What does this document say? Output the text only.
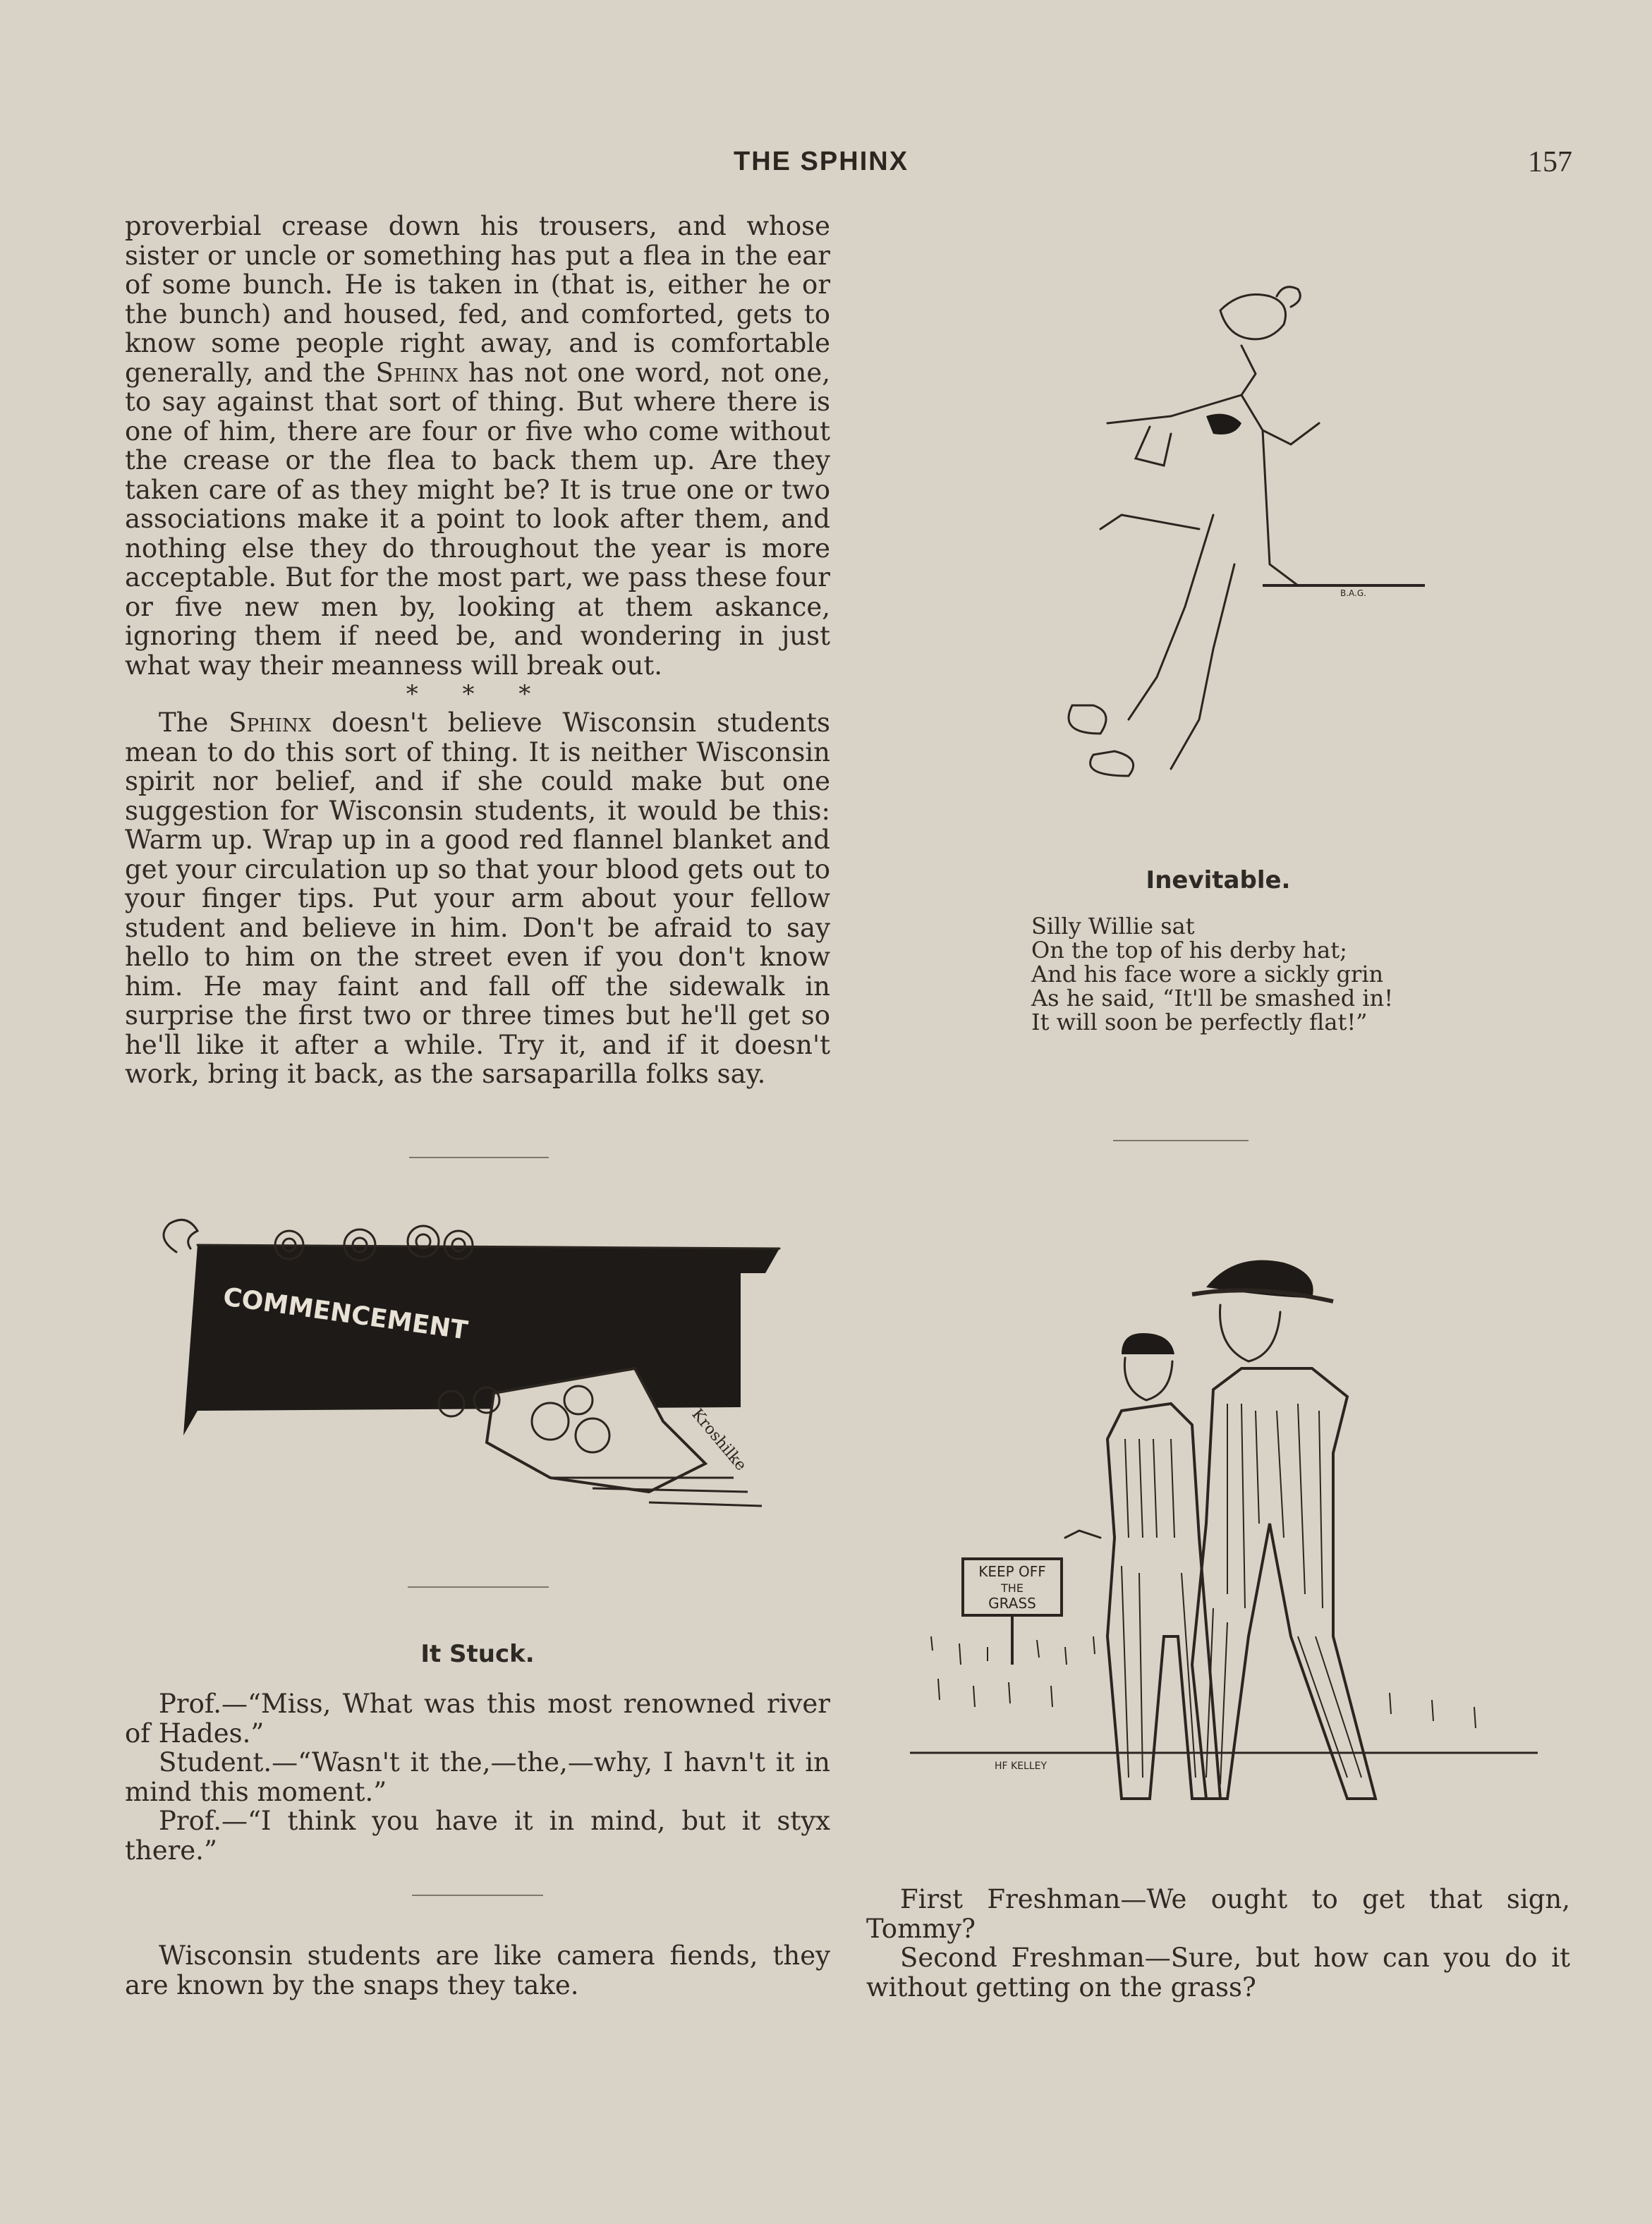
THE SPHINX	157

proverbial crease down his trousers, and whose sister or uncle or something has put a flea in the ear of some bunch. He is taken in (that is, either he or the bunch) and housed, fed, and comforted, gets to know some people right away, and is comfortable generally, and the Sphinx has not one word, not one, to say against that sort of thing. But where there is one of him, there are four or five who come without the crease or the flea to back them up. Are they taken care of as they might be? It is true one or two associations make it a point to look after them, and nothing else they do throughout the year is more acceptable. But for the most part, we pass these four or five new men by, looking at them askance, ignoring them if need be, and wondering in just what way their meanness will break out.

* * *

The Sphinx doesn't believe Wisconsin students mean to do this sort of thing. It is neither Wisconsin spirit nor belief, and if she could make but one suggestion for Wisconsin students, it would be this: Warm up. Wrap up in a good red flannel blanket and get your circulation up so that your blood gets out to your finger tips. Put your arm about your fellow student and believe in him. Don't be afraid to say hello to him on the street even if you don't know him. He may faint and fall off the sidewalk in surprise the first two or three times but he'll get so he'll like it after a while. Try it, and if it doesn't work, bring it back, as the sarsaparilla folks say.

COMMENCEMENT
Kroshilke

It Stuck.

Prof.—“Miss, What was this most renowned river of Hades.”

Student.—“Wasn't it the,—the,—why, I havn't it in mind this moment.”

Prof.—“I think you have it in mind, but it styx there.”

Wisconsin students are like camera fiends, they are known by the snaps they take.

B.A.G.

Inevitable.

Silly Willie sat
On the top of his derby hat;
And his face wore a sickly grin
As he said, “It'll be smashed in!
It will soon be perfectly flat!”
KEEP OFF
THE
GRASS
HF KELLEY

First Freshman—We ought to get that sign, Tommy?

Second Freshman—Sure, but how can you do it without getting on the grass?
